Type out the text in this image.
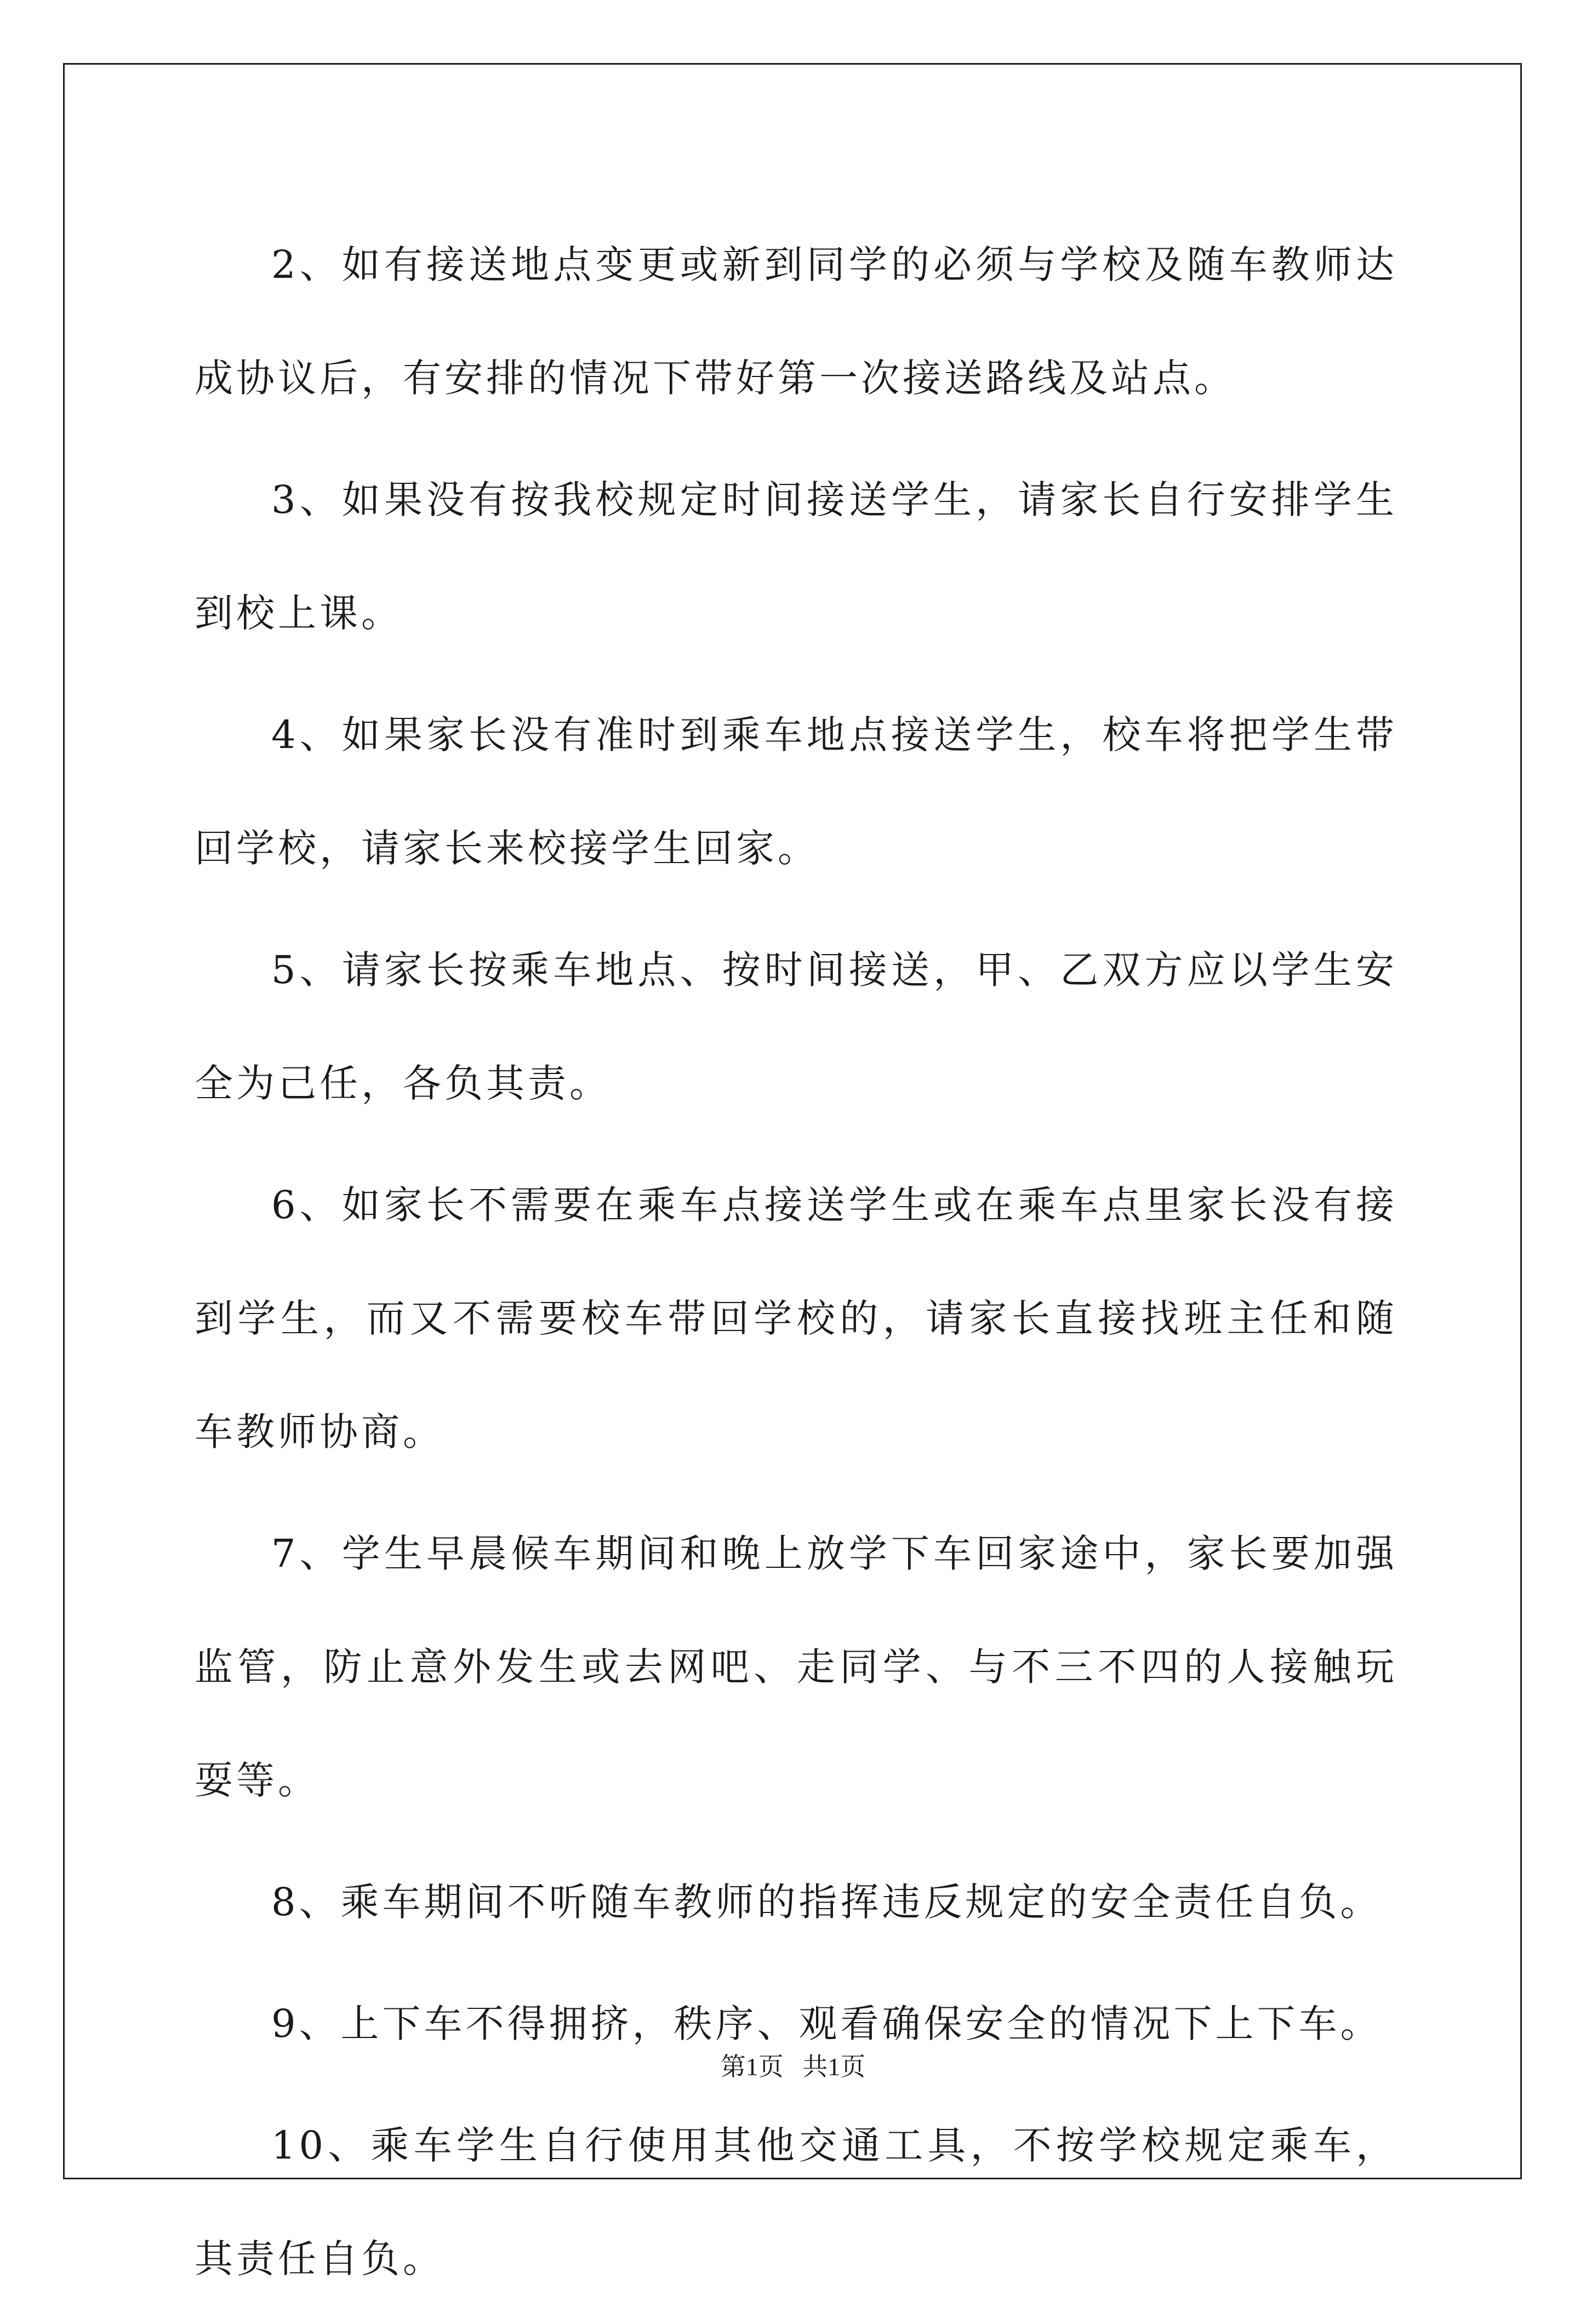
2、如有接送地点变更或新到同学的必须与学校及随车教师达成协议后，有安排的情况下带好第一次接送路线及站点。

3、如果没有按我校规定时间接送学生，请家长自行安排学生到校上课。

4、如果家长没有准时到乘车地点接送学生，校车将把学生带回学校，请家长来校接学生回家。

5、请家长按乘车地点、按时间接送，甲、乙双方应以学生安全为己任，各负其责。

6、如家长不需要在乘车点接送学生或在乘车点里家长没有接到学生，而又不需要校车带回学校的，请家长直接找班主任和随车教师协商。

7、学生早晨候车期间和晚上放学下车回家途中，家长要加强监管，防止意外发生或去网吧、走同学、与不三不四的人接触玩耍等。

8、乘车期间不听随车教师的指挥违反规定的安全责任自负。

9、上下车不得拥挤，秩序、观看确保安全的情况下上下车。

10、乘车学生自行使用其他交通工具，不按学校规定乘车，其责任自负。

第1页   共1页
